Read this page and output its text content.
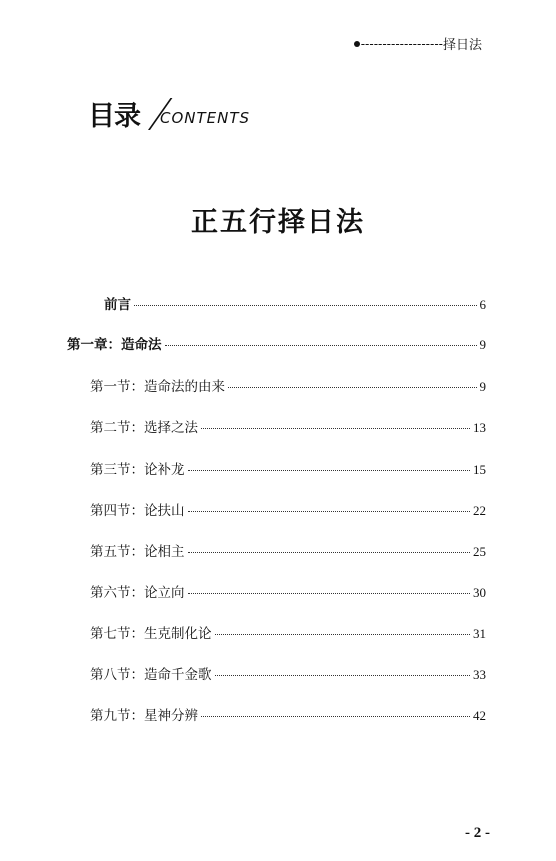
------------------- 择日法
目录 CONTENTS
正五行择日法
前言	6
第一章：造命法	9
第一节：造命法的由来	9
第二节：选择之法	13
第三节：论补龙	15
第四节：论扶山	22
第五节：论相主	25
第六节：论立向	30
第七节：生克制化论	31
第八节：造命千金歌	33
第九节：星神分辨	42
- 2 -
